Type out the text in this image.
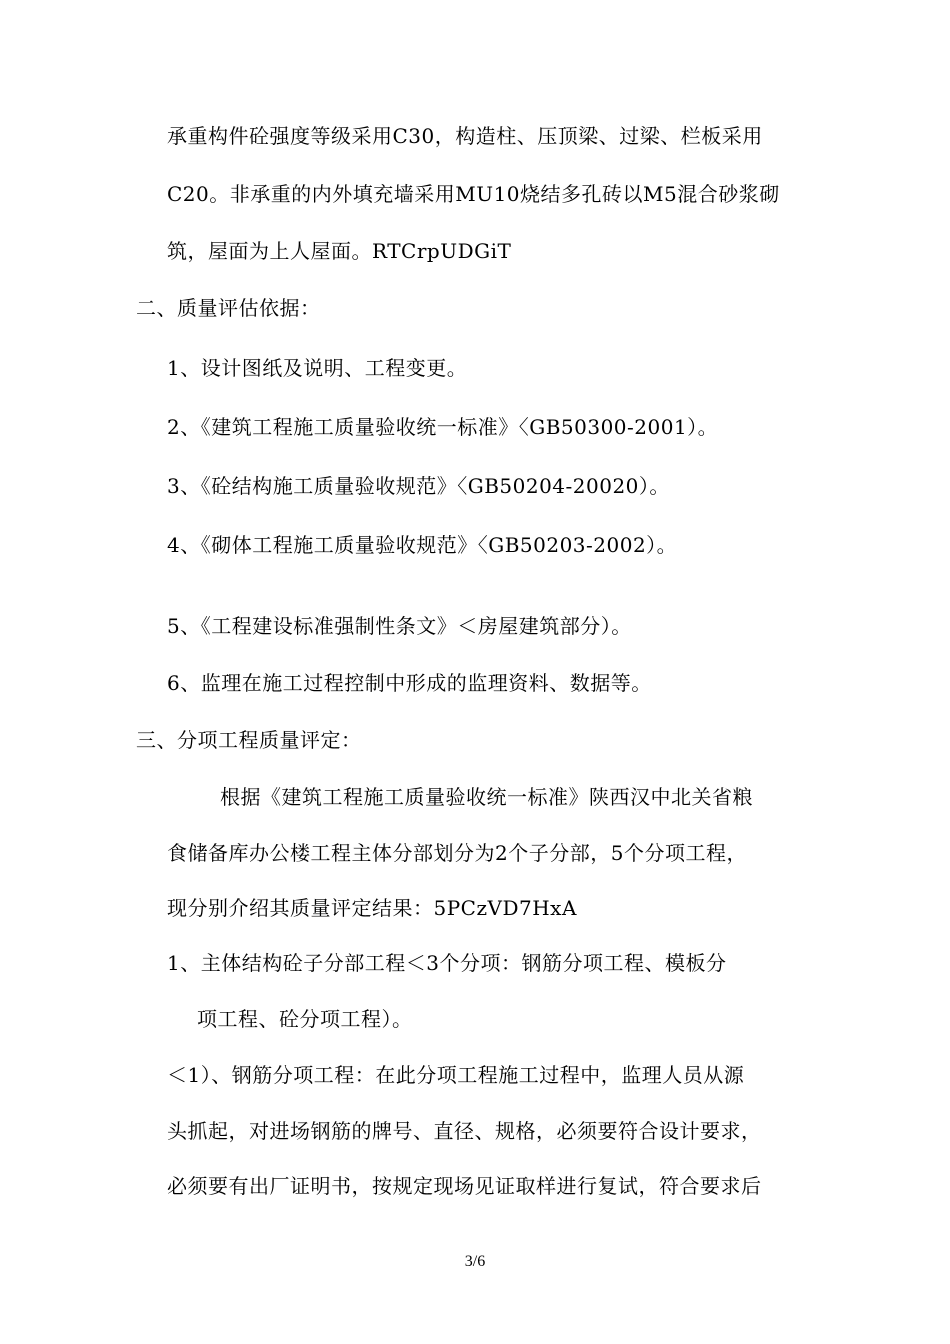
承重构件砼强度等级采用C30，构造柱、压顶梁、过梁、栏板采用
C20。非承重的内外填充墙采用MU10烧结多孔砖以M5混合砂浆砌
筑，屋面为上人屋面。RTCrpUDGiT
二、质量评估依据：
1、设计图纸及说明、工程变更。
2、《建筑工程施工质量验收统一标准》〈GB50300-2001）。
3、《砼结构施工质量验收规范》〈GB50204-20020）。
4、《砌体工程施工质量验收规范》〈GB50203-2002）。
5、《工程建设标准强制性条文》＜房屋建筑部分）。
6、监理在施工过程控制中形成的监理资料、数据等。
三、分项工程质量评定：
根据《建筑工程施工质量验收统一标准》陕西汉中北关省粮
食储备库办公楼工程主体分部划分为2个子分部，5个分项工程，
现分别介绍其质量评定结果：5PCzVD7HxA
1、主体结构砼子分部工程＜3个分项：钢筋分项工程、模板分
项工程、砼分项工程）。
＜1）、钢筋分项工程：在此分项工程施工过程中，监理人员从源
头抓起，对进场钢筋的牌号、直径、规格，必须要符合设计要求，
必须要有出厂证明书，按规定现场见证取样进行复试，符合要求后
3/6
